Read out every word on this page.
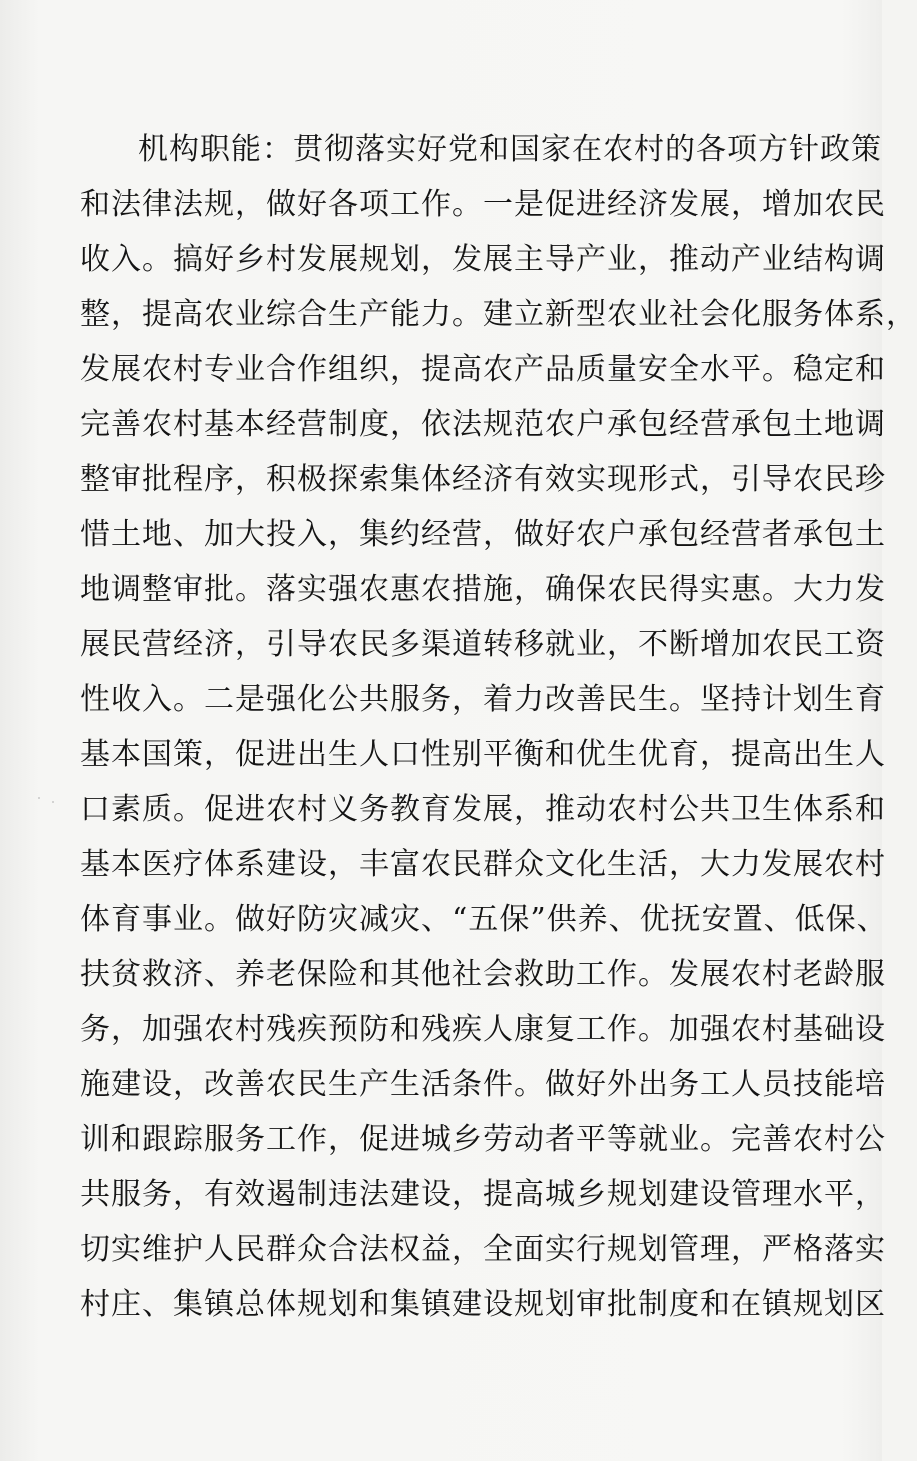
机构职能：贯彻落实好党和国家在农村的各项方针政策
和法律法规，做好各项工作。一是促进经济发展，增加农民
收入。搞好乡村发展规划，发展主导产业，推动产业结构调
整，提高农业综合生产能力。建立新型农业社会化服务体系，
发展农村专业合作组织，提高农产品质量安全水平。稳定和
完善农村基本经营制度，依法规范农户承包经营承包土地调
整审批程序，积极探索集体经济有效实现形式，引导农民珍
惜土地、加大投入，集约经营，做好农户承包经营者承包土
地调整审批。落实强农惠农措施，确保农民得实惠。大力发
展民营经济，引导农民多渠道转移就业，不断增加农民工资
性收入。二是强化公共服务，着力改善民生。坚持计划生育
基本国策，促进出生人口性别平衡和优生优育，提高出生人
口素质。促进农村义务教育发展，推动农村公共卫生体系和
基本医疗体系建设，丰富农民群众文化生活，大力发展农村
体育事业。做好防灾减灾、“五保”供养、优抚安置、低保、
扶贫救济、养老保险和其他社会救助工作。发展农村老龄服
务，加强农村残疾预防和残疾人康复工作。加强农村基础设
施建设，改善农民生产生活条件。做好外出务工人员技能培
训和跟踪服务工作，促进城乡劳动者平等就业。完善农村公
共服务，有效遏制违法建设，提高城乡规划建设管理水平，
切实维护人民群众合法权益，全面实行规划管理，严格落实
村庄、集镇总体规划和集镇建设规划审批制度和在镇规划区
